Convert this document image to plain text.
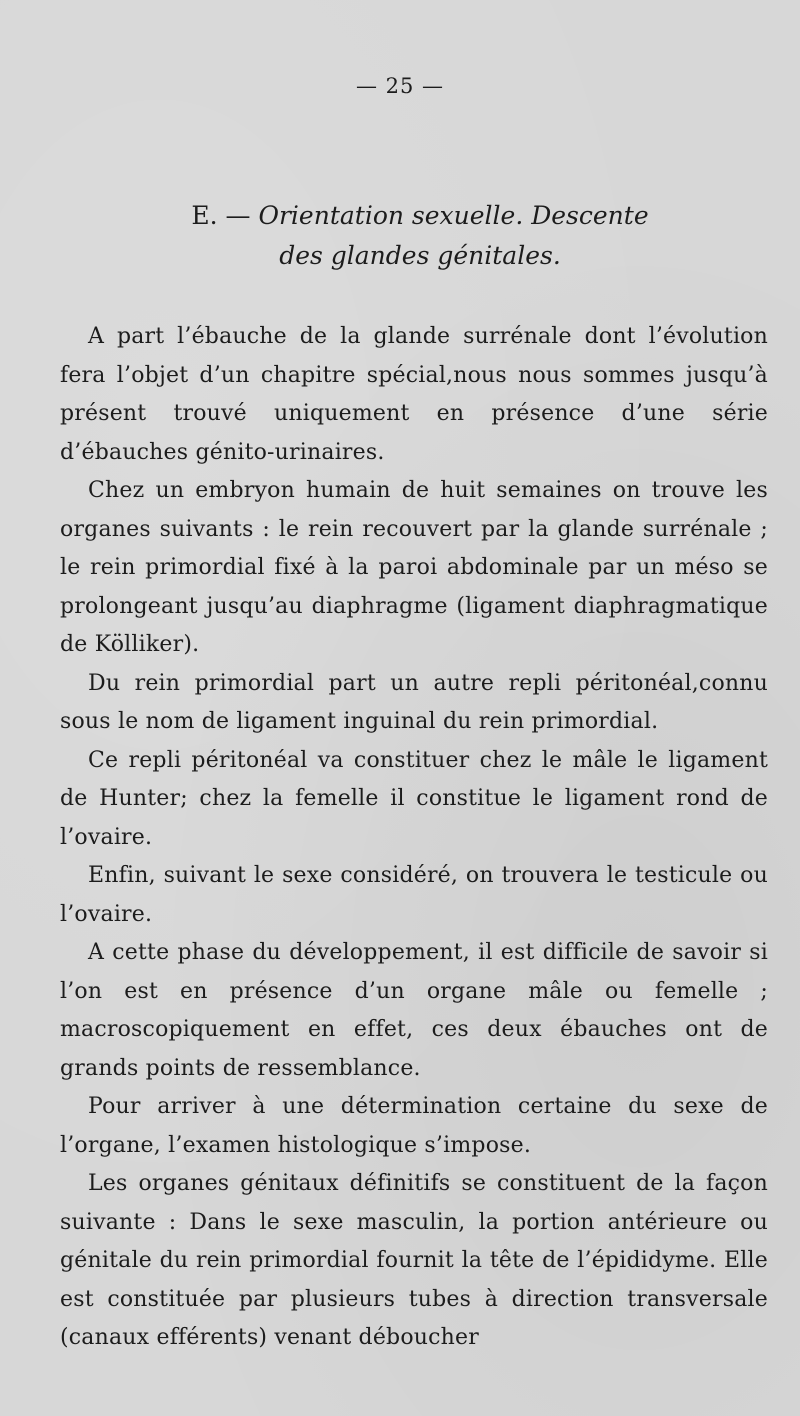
— 25 —
E. — Orientation sexuelle. Descente
des glandes génitales.

A part l’ébauche de la glande surrénale dont l’évolution fera l’objet d’un chapitre spécial,nous nous sommes jusqu’à présent trouvé uniquement en présence d’une série d’ébauches génito-urinaires.

Chez un embryon humain de huit semaines on trouve les organes suivants : le rein recouvert par la glande surrénale ; le rein primordial fixé à la paroi abdominale par un méso se prolongeant jusqu’au diaphragme (ligament diaphragmatique de Kölliker).

Du rein primordial part un autre repli péritonéal,connu sous le nom de ligament inguinal du rein primordial.

Ce repli péritonéal va constituer chez le mâle le ligament de Hunter; chez la femelle il constitue le ligament rond de l’ovaire.

Enfin, suivant le sexe considéré, on trouvera le testicule ou l’ovaire.

A cette phase du développement, il est difficile de savoir si l’on est en présence d’un organe mâle ou femelle ; macroscopiquement en effet, ces deux ébauches ont de grands points de ressemblance.

Pour arriver à une détermination certaine du sexe de l’organe, l’examen histologique s’impose.

Les organes génitaux définitifs se constituent de la façon suivante : Dans le sexe masculin, la portion antérieure ou génitale du rein primordial fournit la tête de l’épididyme. Elle est constituée par plusieurs tubes à direction transversale (canaux efférents) venant déboucher
